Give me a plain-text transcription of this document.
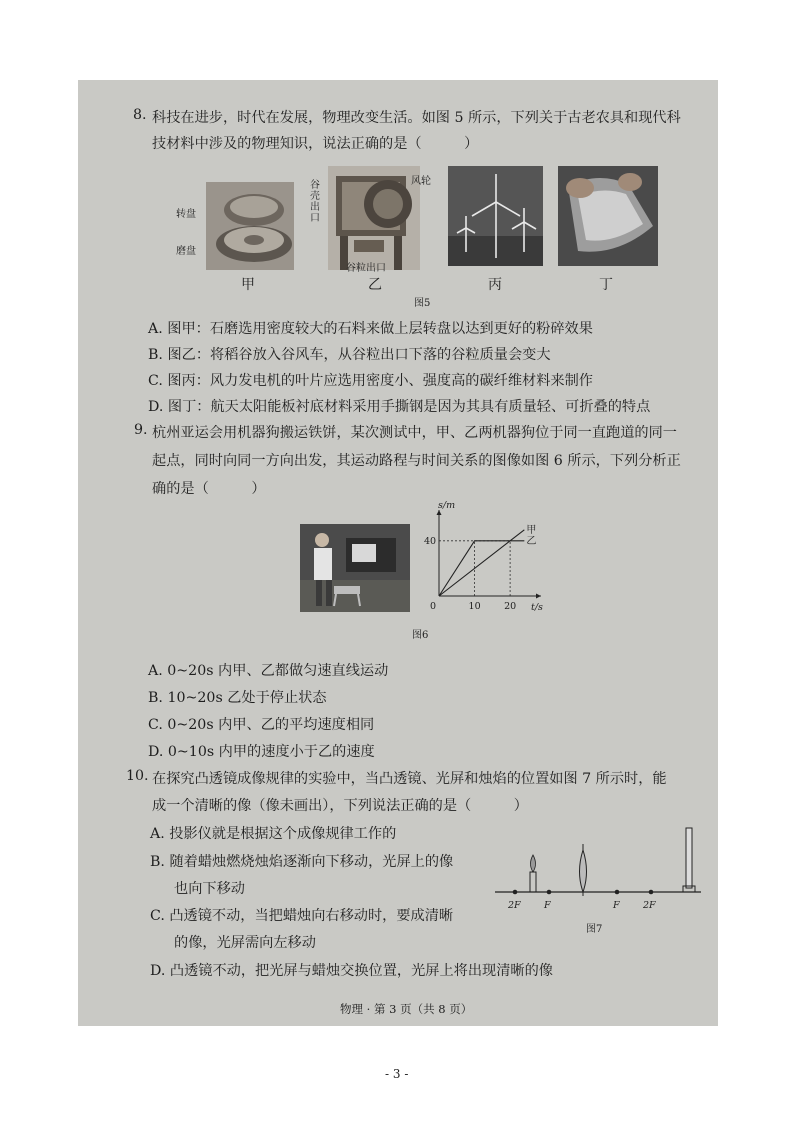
8. 科技在进步，时代在发展，物理改变生活。如图 5 所示，下列关于古老农具和现代科
技材料中涉及的物理知识，说法正确的是（　　　）
转盘
磨盘
谷壳出口
风轮
谷粒出口
甲	乙	丙	丁
图5
A. 图甲：石磨选用密度较大的石料来做上层转盘以达到更好的粉碎效果
B. 图乙：将稻谷放入谷风车，从谷粒出口下落的谷粒质量会变大
C. 图丙：风力发电机的叶片应选用密度小、强度高的碳纤维材料来制作
D. 图丁：航天太阳能板衬底材料采用手撕钢是因为其具有质量轻、可折叠的特点
9. 杭州亚运会用机器狗搬运铁饼，某次测试中，甲、乙两机器狗位于同一直跑道的同一
起点，同时向同一方向出发，其运动路程与时间关系的图像如图 6 所示，下列分析正
确的是（　　　）
甲
乙
s/m
t/s
0	10 20
40
图6
A. 0~20s 内甲、乙都做匀速直线运动
B. 10~20s 乙处于停止状态
C. 0~20s 内甲、乙的平均速度相同
D. 0~10s 内甲的速度小于乙的速度
10. 在探究凸透镜成像规律的实验中，当凸透镜、光屏和烛焰的位置如图 7 所示时，能
成一个清晰的像（像未画出），下列说法正确的是（　　　）
A. 投影仪就是根据这个成像规律工作的
B. 随着蜡烛燃烧烛焰逐渐向下移动，光屏上的像
也向下移动
C. 凸透镜不动，当把蜡烛向右移动时，要成清晰
的像，光屏需向左移动
D. 凸透镜不动，把光屏与蜡烛交换位置，光屏上将出现清晰的像
2F F	F 2F
图7
物理 · 第 3 页（共 8 页）
- 3 -
